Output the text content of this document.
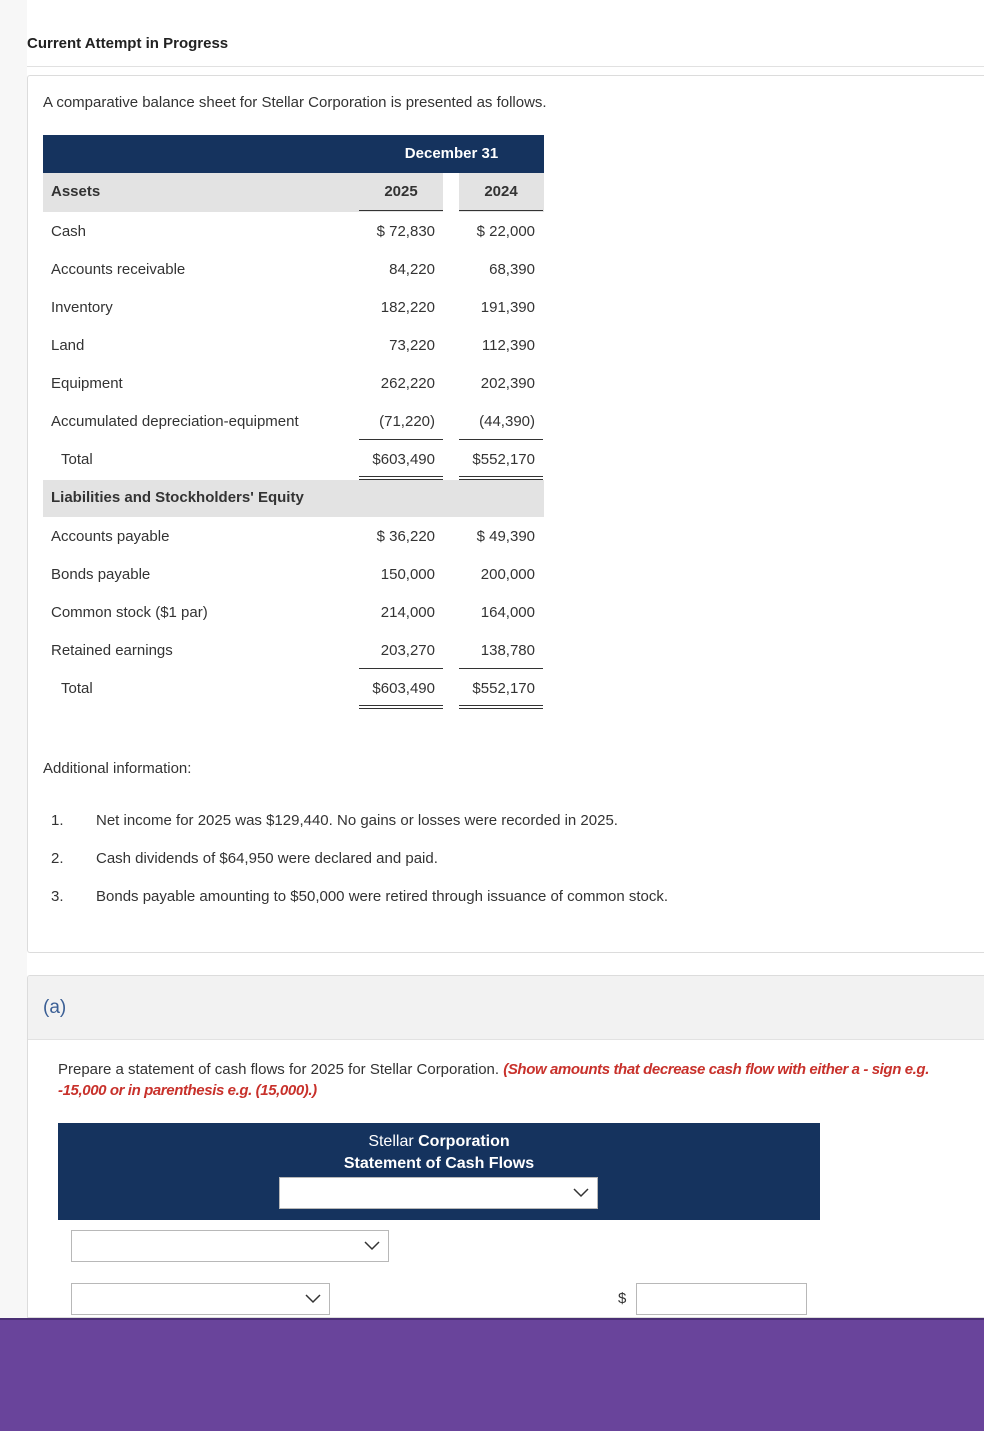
Current Attempt in Progress
A comparative balance sheet for Stellar Corporation is presented as follows.
December 31
Assets	2025	2024
Cash	$ 72,830	$ 22,000
Accounts receivable	84,220	68,390
Inventory	182,220	191,390
Land	73,220	112,390
Equipment	262,220	202,390
Accumulated depreciation-equipment	(71,220)	(44,390)
Total	$603,490	$552,170
Liabilities and Stockholders' Equity
Accounts payable	$ 36,220	$ 49,390
Bonds payable	150,000	200,000
Common stock ($1 par)	214,000	164,000
Retained earnings	203,270	138,780
Total	$603,490	$552,170
Additional information:
1.	Net income for 2025 was $129,440. No gains or losses were recorded in 2025.
2.	Cash dividends of $64,950 were declared and paid.
3.	Bonds payable amounting to $50,000 were retired through issuance of common stock.
(a)
Prepare a statement of cash flows for 2025 for Stellar Corporation. (Show amounts that decrease cash flow with either a - sign e.g. -15,000 or in parenthesis e.g. (15,000).)
Stellar Corporation
Statement of Cash Flows
$
